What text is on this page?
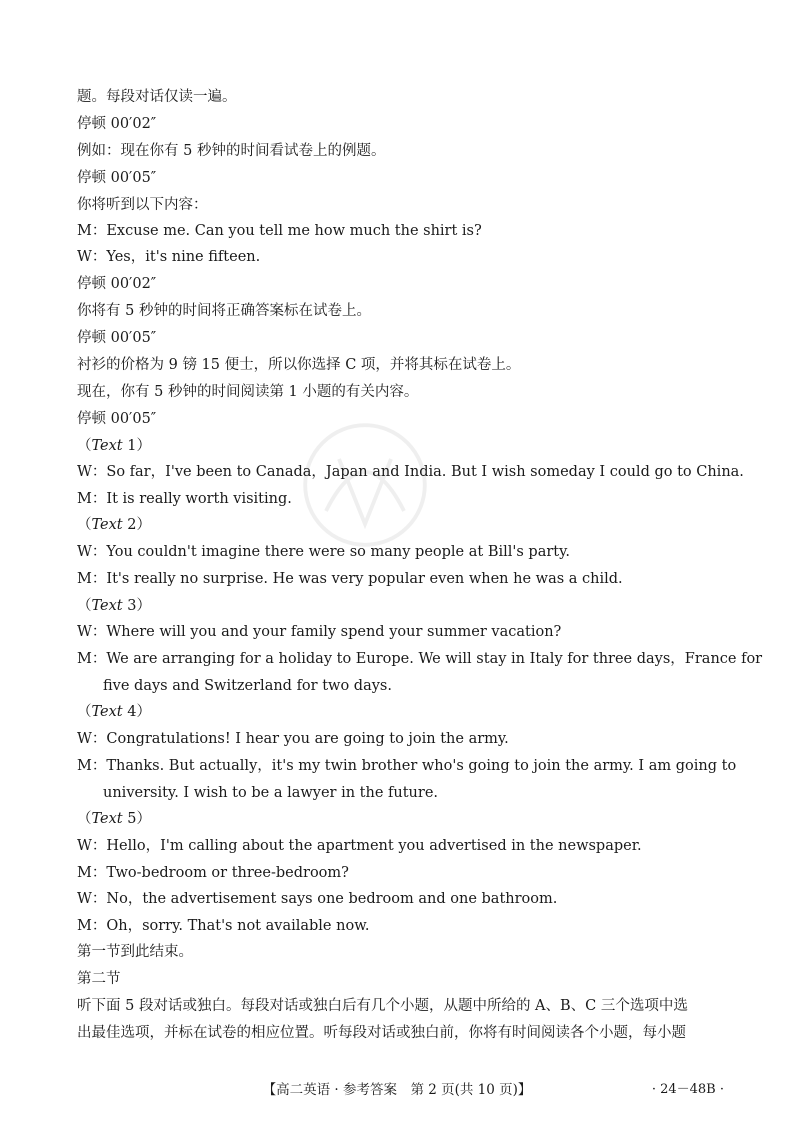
题。每段对话仅读一遍。
停顿 00′02″
例如：现在你有 5 秒钟的时间看试卷上的例题。
停顿 00′05″
你将听到以下内容：
M：Excuse me. Can you tell me how much the shirt is?
W：Yes，it's nine fifteen.
停顿 00′02″
你将有 5 秒钟的时间将正确答案标在试卷上。
停顿 00′05″
衬衫的价格为 9 镑 15 便士，所以你选择 C 项，并将其标在试卷上。
现在，你有 5 秒钟的时间阅读第 1 小题的有关内容。
停顿 00′05″
（Text 1）
W：So far，I've been to Canada，Japan and India. But I wish someday I could go to China.
M：It is really worth visiting.
（Text 2）
W：You couldn't imagine there were so many people at Bill's party.
M：It's really no surprise. He was very popular even when he was a child.
（Text 3）
W：Where will you and your family spend your summer vacation?
M：We are arranging for a holiday to Europe. We will stay in Italy for three days，France for
five days and Switzerland for two days.
（Text 4）
W：Congratulations! I hear you are going to join the army.
M：Thanks. But actually，it's my twin brother who's going to join the army. I am going to
university. I wish to be a lawyer in the future.
（Text 5）
W：Hello，I'm calling about the apartment you advertised in the newspaper.
M：Two-bedroom or three-bedroom?
W：No，the advertisement says one bedroom and one bathroom.
M：Oh，sorry. That's not available now.
第一节到此结束。
第二节
听下面 5 段对话或独白。每段对话或独白后有几个小题，从题中所给的 A、B、C 三个选项中选
出最佳选项，并标在试卷的相应位置。听每段对话或独白前，你将有时间阅读各个小题，每小题
【高二英语 · 参考答案　第 2 页(共 10 页)】	· 24－48B ·
